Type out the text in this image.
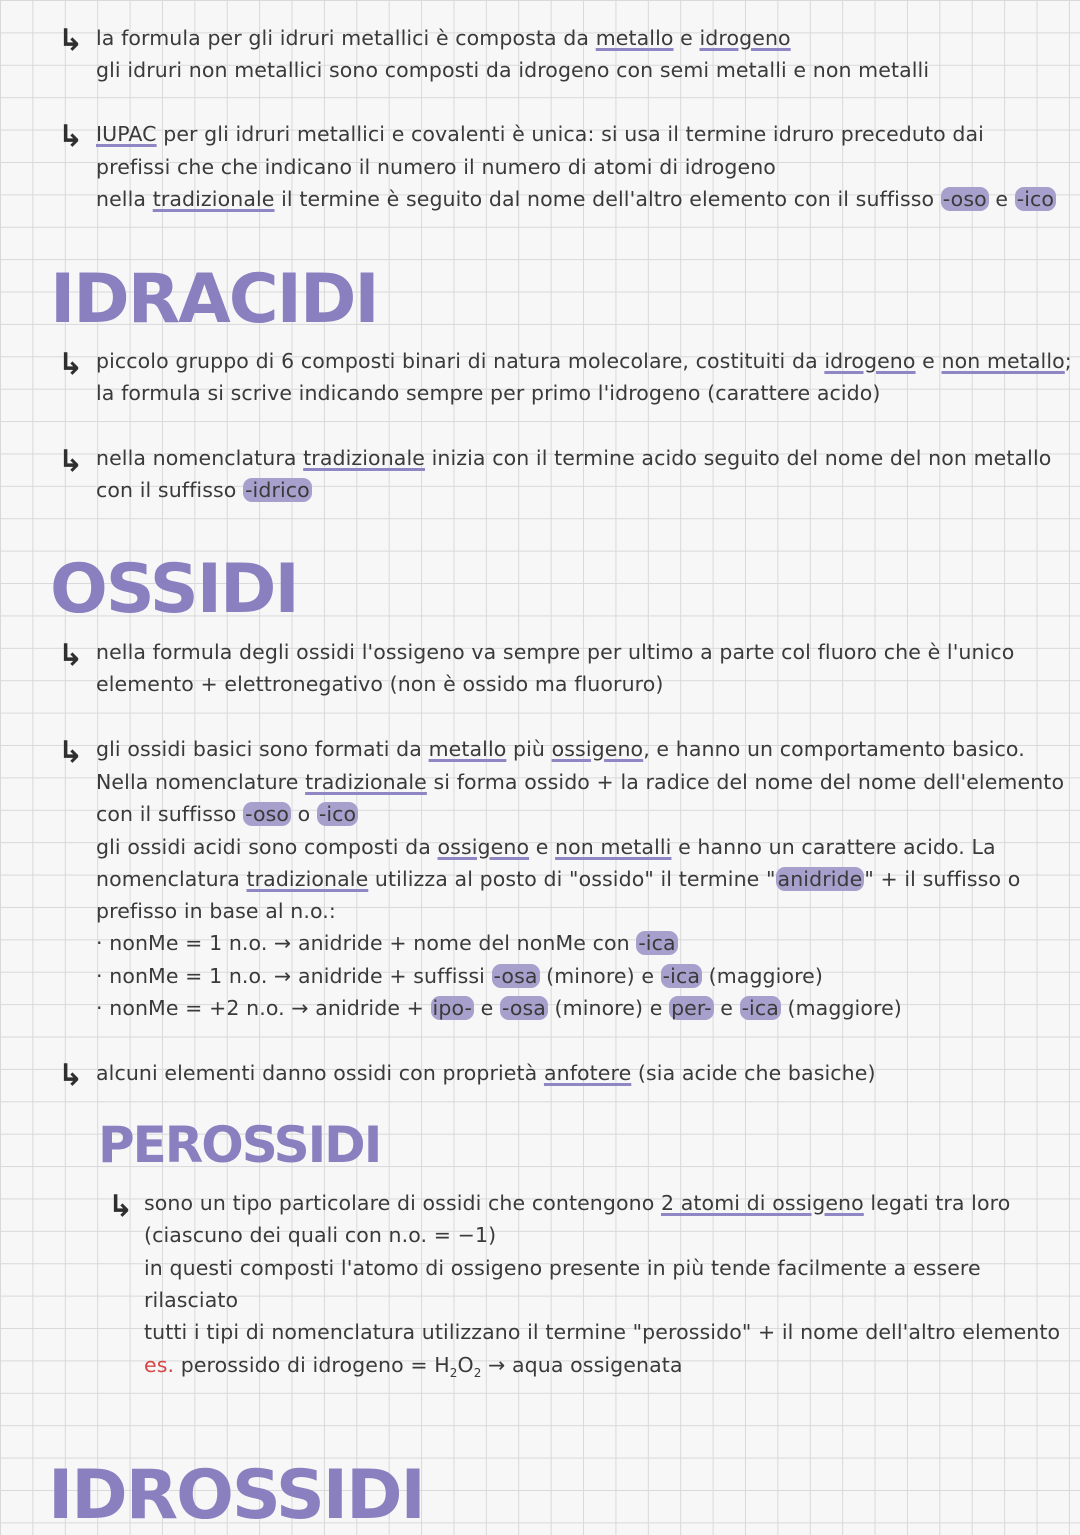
↳ la formula per gli idruri metallici è composta da metallo e idrogeno
gli idruri non metallici sono composti da idrogeno con semi metalli e non metalli
↳ IUPAC per gli idruri metallici e covalenti è unica: si usa il termine idruro preceduto dai
prefissi che che indicano il numero il numero di atomi di idrogeno
nella tradizionale il termine è seguito dal nome dell'altro elemento con il suffisso -oso e -ico
IDRACIDI
↳ piccolo gruppo di 6 composti binari di natura molecolare, costituiti da idrogeno e non metallo;
la formula si scrive indicando sempre per primo l'idrogeno (carattere acido)
↳ nella nomenclatura tradizionale inizia con il termine acido seguito del nome del non metallo
con il suffisso -idrico
OSSIDI
↳ nella formula degli ossidi l'ossigeno va sempre per ultimo a parte col fluoro che è l'unico
elemento + elettronegativo (non è ossido ma fluoruro)
↳ gli ossidi basici sono formati da metallo più ossigeno, e hanno un comportamento basico.
Nella nomenclature tradizionale si forma ossido + la radice del nome del nome dell'elemento
con il suffisso -oso o -ico
gli ossidi acidi sono composti da ossigeno e non metalli e hanno un carattere acido. La
nomenclatura tradizionale utilizza al posto di "ossido" il termine "anidride" + il suffisso o
prefisso in base al n.o.:
· nonMe = 1 n.o. → anidride + nome del nonMe con -ica
· nonMe = 1 n.o. → anidride + suffissi -osa (minore) e -ica (maggiore)
· nonMe = +2 n.o. → anidride + ipo- e -osa (minore) e per- e -ica (maggiore)
↳ alcuni elementi danno ossidi con proprietà anfotere (sia acide che basiche)
PEROSSIDI
↳ sono un tipo particolare di ossidi che contengono 2 atomi di ossigeno legati tra loro
(ciascuno dei quali con n.o. = −1)
in questi composti l'atomo di ossigeno presente in più tende facilmente a essere
rilasciato
tutti i tipi di nomenclatura utilizzano il termine "perossido" + il nome dell'altro elemento
es. perossido di idrogeno = $H_2O_2$ → aqua ossigenata
IDROSSIDI
